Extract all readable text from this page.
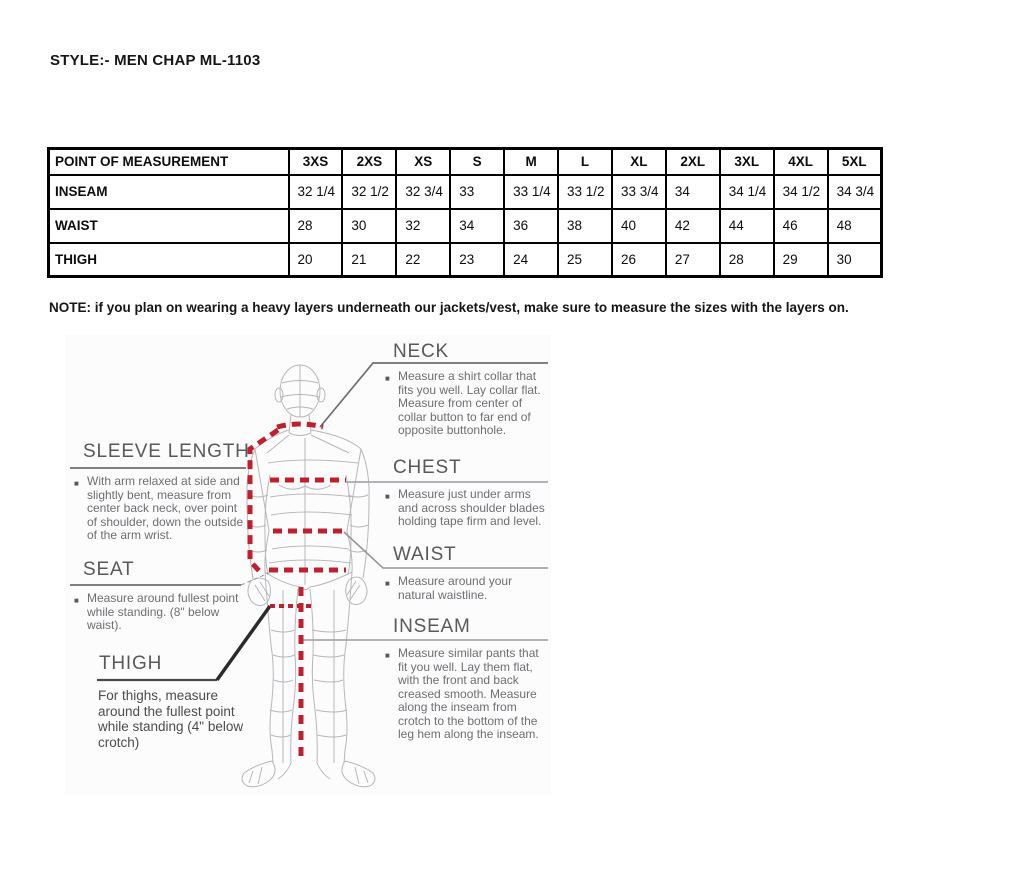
STYLE:- MEN CHAP ML-1103
POINT OF MEASUREMENT	3XS	2XS	XS	S	M	L	XL	2XL	3XL	4XL	5XL
INSEAM	32 1/4	32 1/2	32 3/4	33	33 1/4	33 1/2	33 3/4	34	34 1/4	34 1/2	34 3/4
WAIST	28	30	32	34	36	38	40	42	44	46	48
THIGH	20	21	22	23	24	25	26	27	28	29	30
NOTE: if you plan on wearing a heavy layers underneath our jackets/vest, make sure to measure the sizes with the layers on.
NECK
■ Measure a shirt collar that fits you well. Lay collar flat. Measure from center of collar button to far end of opposite buttonhole.
CHEST
■ Measure just under arms and across shoulder blades holding tape firm and level.
WAIST
■ Measure around your natural waistline.
INSEAM
■ Measure similar pants that fit you well. Lay them flat, with the front and back creased smooth. Measure along the inseam from crotch to the bottom of the leg hem along the inseam.
SLEEVE LENGTH
■ With arm relaxed at side and slightly bent, measure from center back neck, over point of shoulder, down the outside of the arm wrist.
SEAT
■ Measure around fullest point while standing. (8" below waist).
THIGH
For thighs, measure around the fullest point while standing (4" below crotch)
